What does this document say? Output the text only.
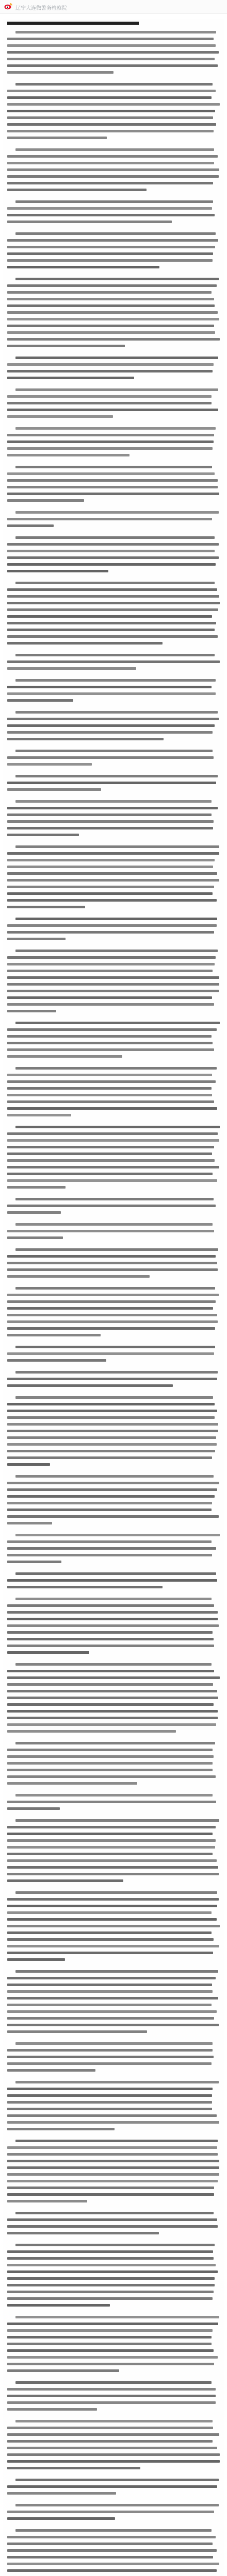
辽宁大连微警务检察院
